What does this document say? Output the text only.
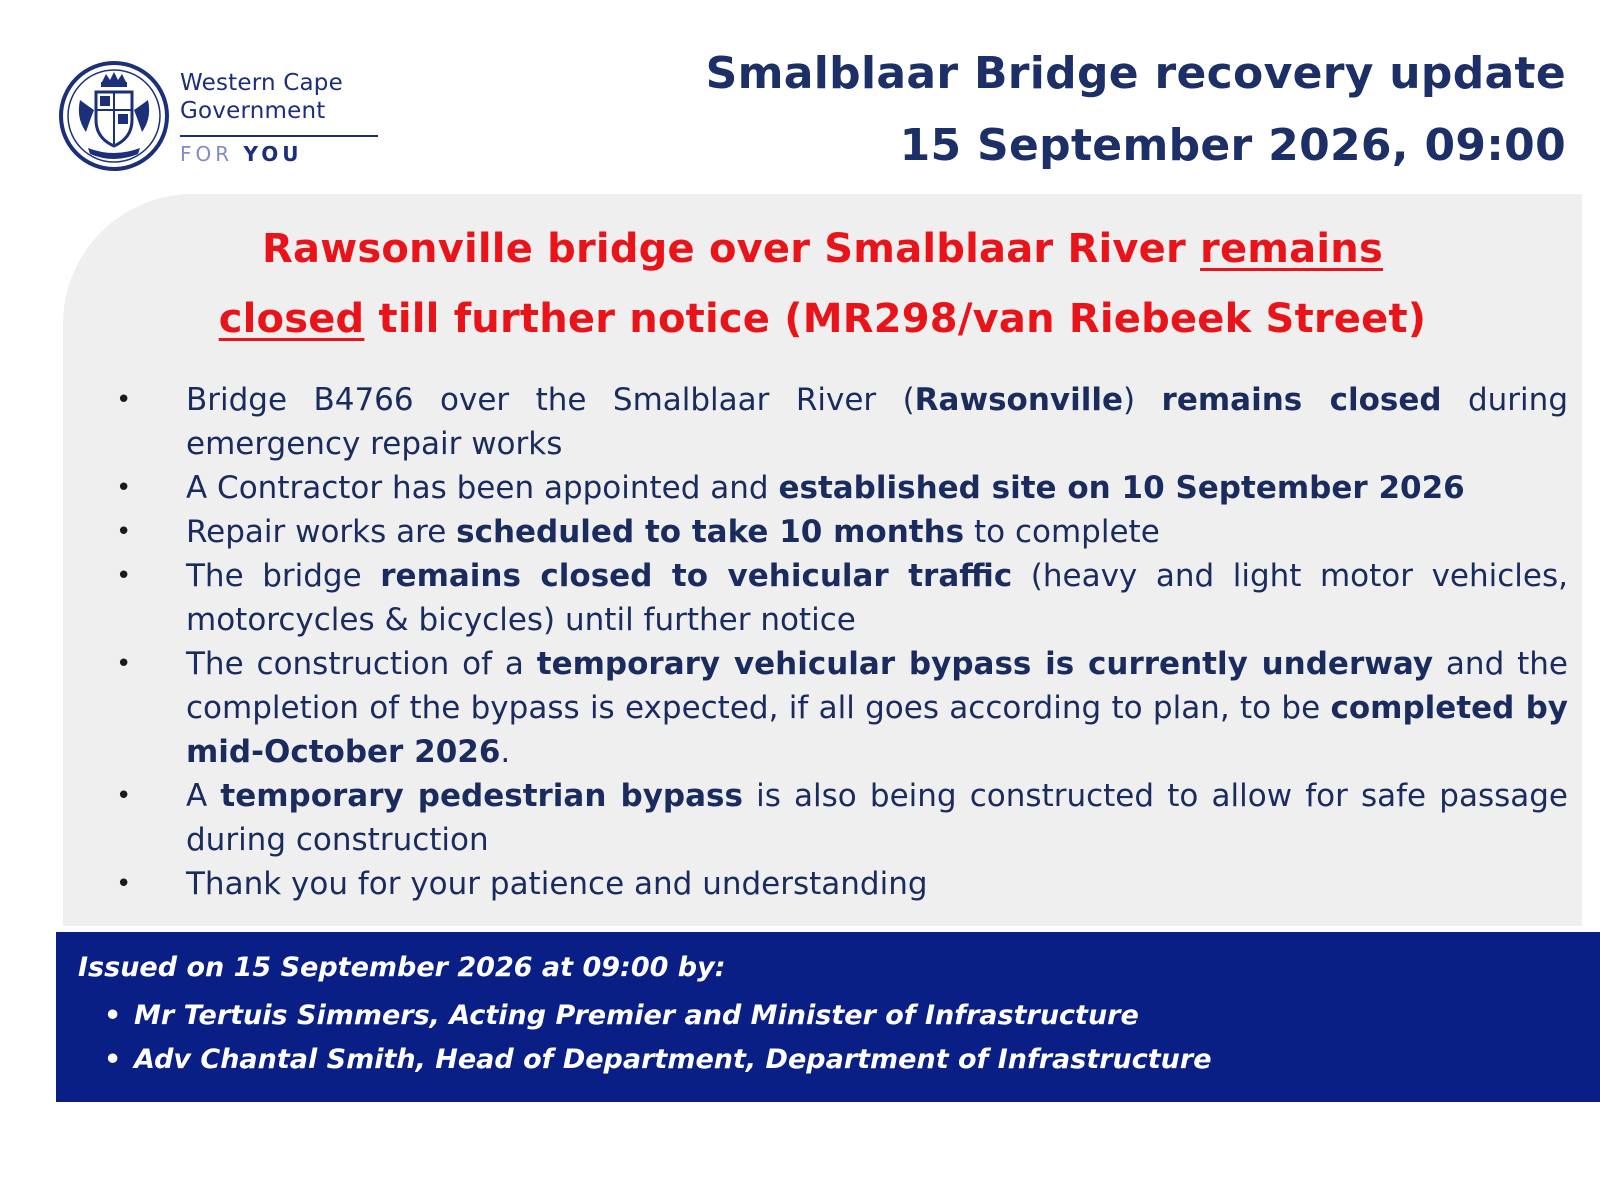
Western Cape
Government
FOR YOU
Smalblaar Bridge recovery update
15 September 2026, 09:00
Rawsonville bridge over Smalblaar River remains
closed till further notice (MR298/van Riebeek Street)
• Bridge B4766 over the Smalblaar River (Rawsonville) remains closed during emergency repair works
• A Contractor has been appointed and established site on 10 September 2026
• Repair works are scheduled to take 10 months to complete
• The bridge remains closed to vehicular traffic (heavy and light motor vehicles, motorcycles & bicycles) until further notice
• The construction of a temporary vehicular bypass is currently underway and the completion of the bypass is expected, if all goes according to plan, to be completed by mid-October 2026.
• A temporary pedestrian bypass is also being constructed to allow for safe passage during construction
• Thank you for your patience and understanding
Issued on 15 September 2026 at 09:00 by:
• Mr Tertuis Simmers, Acting Premier and Minister of Infrastructure
• Adv Chantal Smith, Head of Department, Department of Infrastructure
